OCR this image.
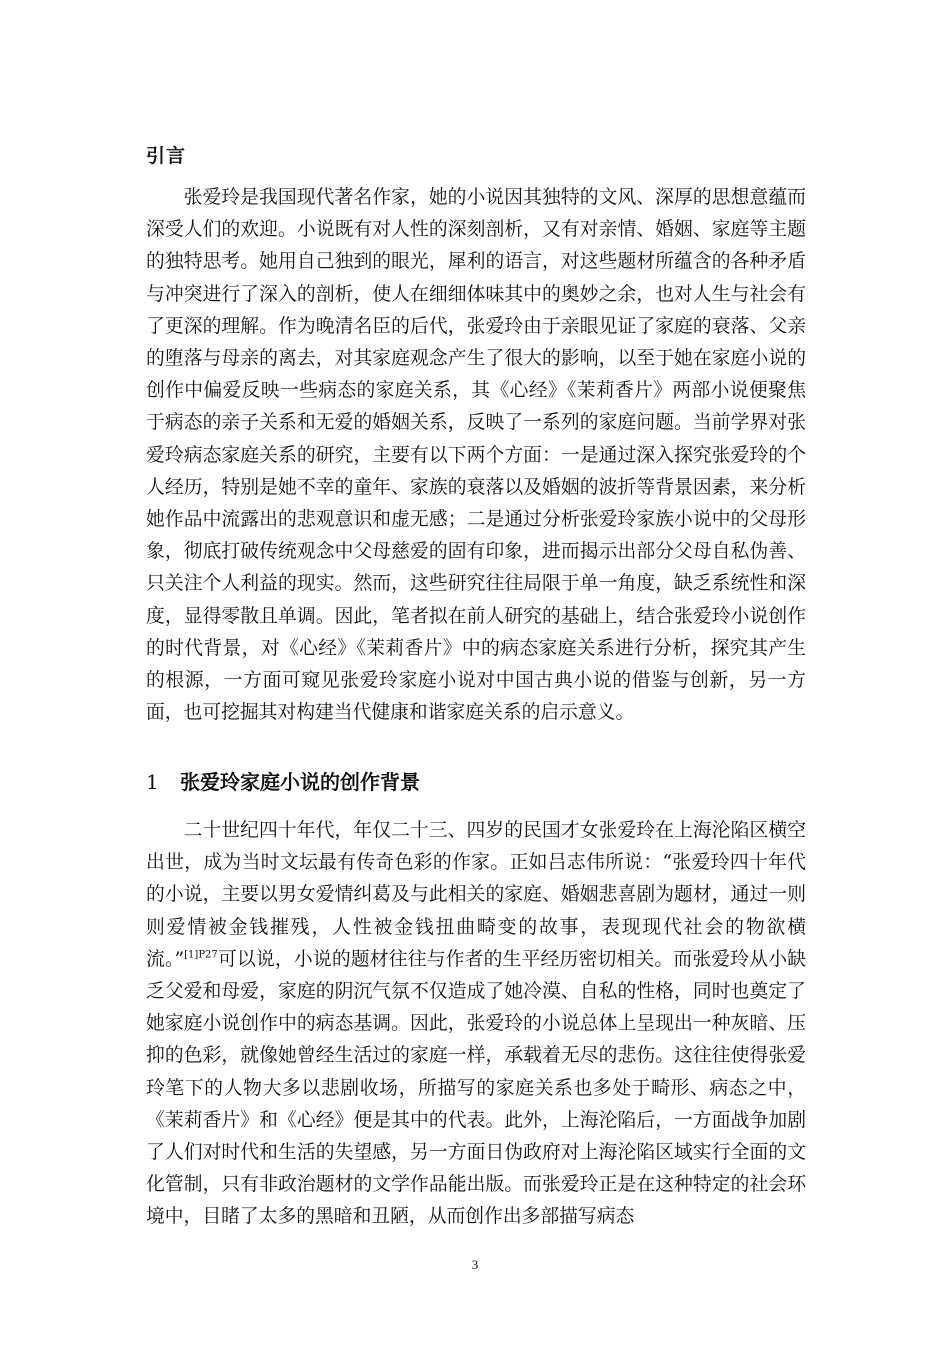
引言

张爱玲是我国现代著名作家，她的小说因其独特的文风、深厚的思想意蕴而深受人们的欢迎。小说既有对人性的深刻剖析，又有对亲情、婚姻、家庭等主题的独特思考。她用自己独到的眼光，犀利的语言，对这些题材所蕴含的各种矛盾与冲突进行了深入的剖析，使人在细细体味其中的奥妙之余，也对人生与社会有了更深的理解。作为晚清名臣的后代，张爱玲由于亲眼见证了家庭的衰落、父亲的堕落与母亲的离去，对其家庭观念产生了很大的影响，以至于她在家庭小说的创作中偏爱反映一些病态的家庭关系，其《心经》《茉莉香片》两部小说便聚焦于病态的亲子关系和无爱的婚姻关系，反映了一系列的家庭问题。当前学界对张爱玲病态家庭关系的研究，主要有以下两个方面：一是通过深入探究张爱玲的个人经历，特别是她不幸的童年、家族的衰落以及婚姻的波折等背景因素，来分析她作品中流露出的悲观意识和虚无感；二是通过分析张爱玲家族小说中的父母形象，彻底打破传统观念中父母慈爱的固有印象，进而揭示出部分父母自私伪善、只关注个人利益的现实。然而，这些研究往往局限于单一角度，缺乏系统性和深度，显得零散且单调。因此，笔者拟在前人研究的基础上，结合张爱玲小说创作的时代背景，对《心经》《茉莉香片》中的病态家庭关系进行分析，探究其产生的根源，一方面可窥见张爱玲家庭小说对中国古典小说的借鉴与创新，另一方面，也可挖掘其对构建当代健康和谐家庭关系的启示意义。

1 张爱玲家庭小说的创作背景

二十世纪四十年代，年仅二十三、四岁的民国才女张爱玲在上海沦陷区横空出世，成为当时文坛最有传奇色彩的作家。正如吕志伟所说：“张爱玲四十年代的小说，主要以男女爱情纠葛及与此相关的家庭、婚姻悲喜剧为题材，通过一则则爱情被金钱摧残，人性被金钱扭曲畸变的故事，表现现代社会的物欲横流。”$^{[1]P27}$可以说，小说的题材往往与作者的生平经历密切相关。而张爱玲从小缺乏父爱和母爱，家庭的阴沉气氛不仅造成了她冷漠、自私的性格，同时也奠定了她家庭小说创作中的病态基调。因此，张爱玲的小说总体上呈现出一种灰暗、压抑的色彩，就像她曾经生活过的家庭一样，承载着无尽的悲伤。这往往使得张爱玲笔下的人物大多以悲剧收场，所描写的家庭关系也多处于畸形、病态之中，《茉莉香片》和《心经》便是其中的代表。此外，上海沦陷后，一方面战争加剧了人们对时代和生活的失望感，另一方面日伪政府对上海沦陷区域实行全面的文化管制，只有非政治题材的文学作品能出版。而张爱玲正是在这种特定的社会环境中，目睹了太多的黑暗和丑陋，从而创作出多部描写病态

3
